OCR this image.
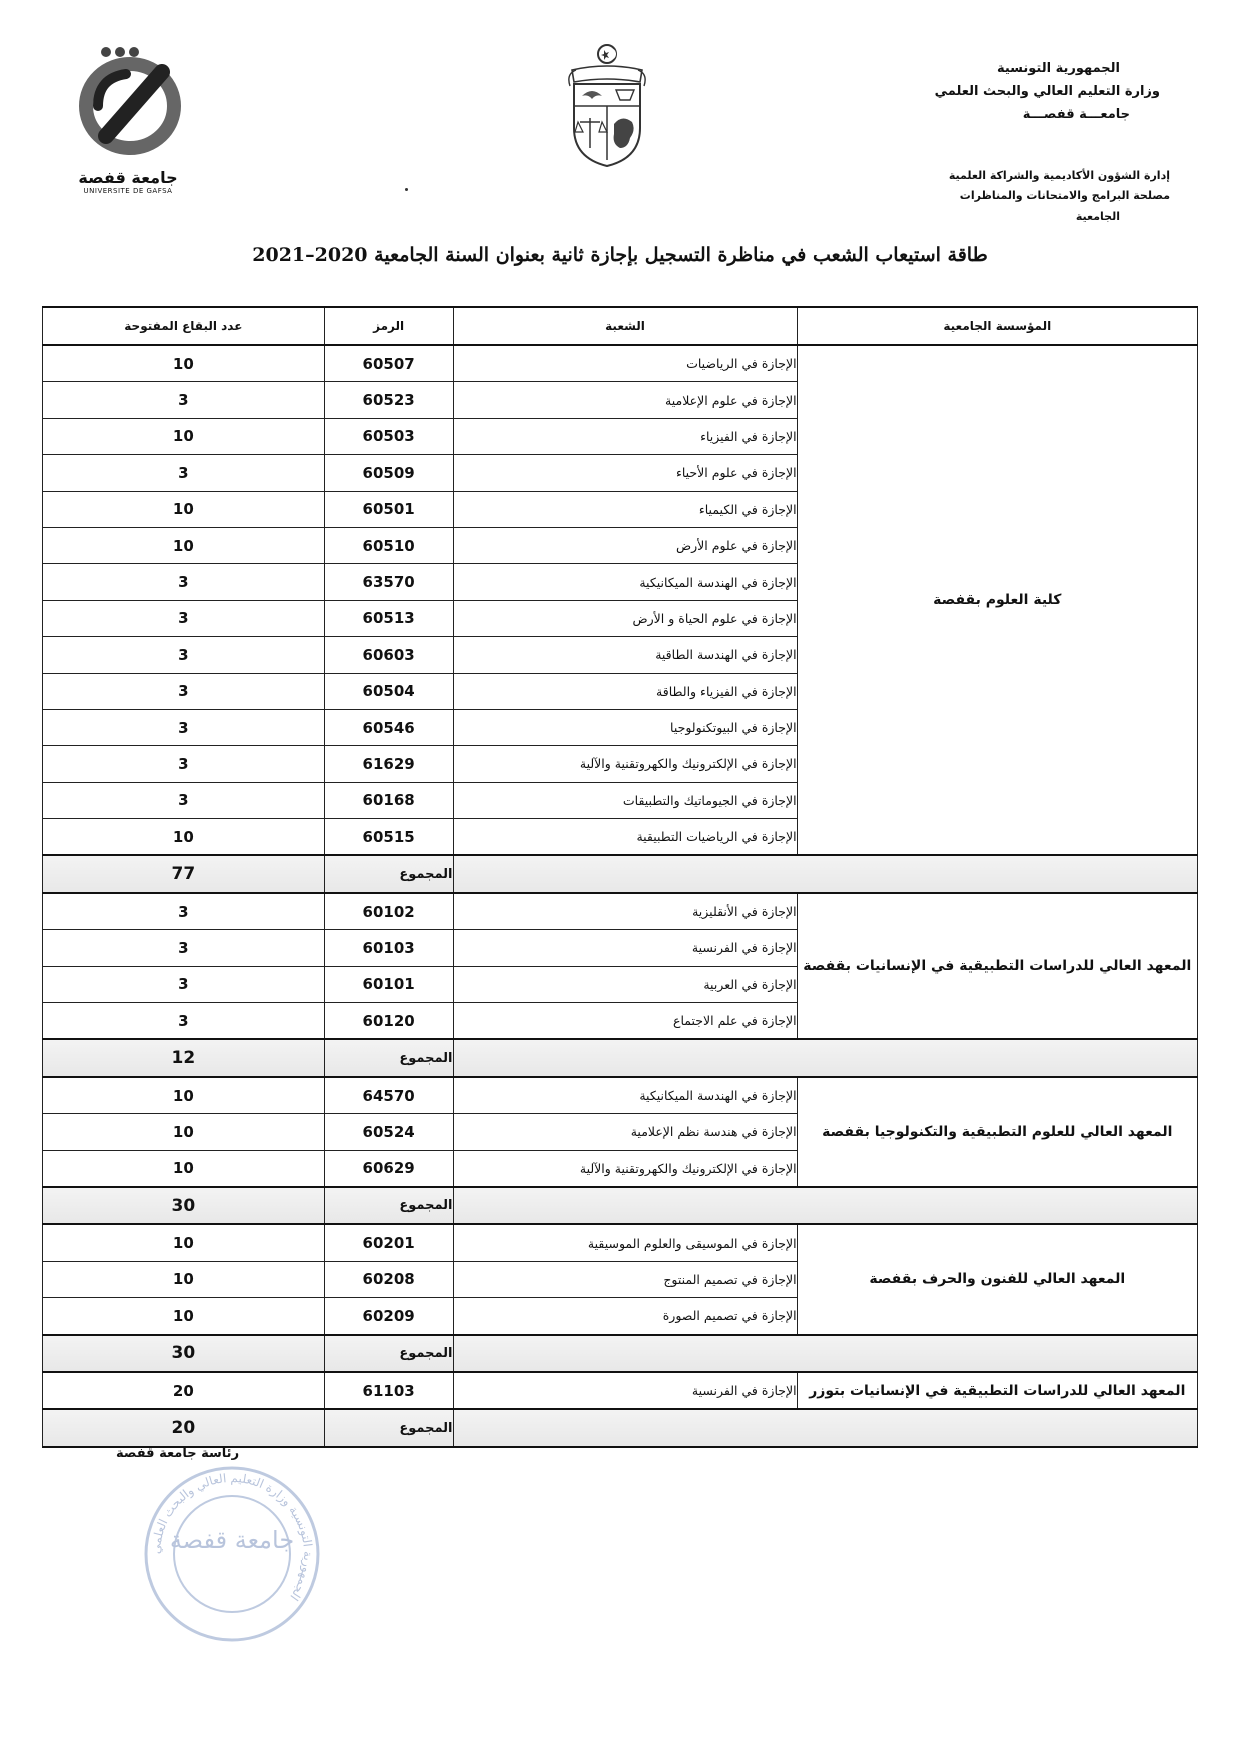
الجمهورية التونسية
وزارة التعليم العالي والبحث العلمي
جامعـــة قفصـــة
إدارة الشؤون الأكاديمية والشراكة العلمية
مصلحة البرامج والامتحانات والمناظرات
الجامعية
جامعة قفصة
UNIVERSITE DE GAFSA
طاقة استيعاب الشعب في مناظرة التسجيل بإجازة ثانية بعنوان السنة الجامعية 2020–2021
المؤسسة الجامعية	الشعبة	الرمز	عدد البقاع المفتوحة
كلية العلوم بقفصة	الإجازة في الرياضيات	60507	10
	الإجازة في علوم الإعلامية	60523	3
	الإجازة في الفيزياء	60503	10
	الإجازة في علوم الأحياء	60509	3
	الإجازة في الكيمياء	60501	10
	الإجازة في علوم الأرض	60510	10
	الإجازة في الهندسة الميكانيكية	63570	3
	الإجازة في علوم الحياة و الأرض	60513	3
	الإجازة في الهندسة الطاقية	60603	3
	الإجازة في الفيزياء والطاقة	60504	3
	الإجازة في البيوتكنولوجيا	60546	3
	الإجازة في الإلكترونيك والكهروتقنية والآلية	61629	3
	الإجازة في الجيوماتيك والتطبيقات	60168	3
	الإجازة في الرياضيات التطبيقية	60515	10
		المجموع	77
المعهد العالي للدراسات التطبيقية في الإنسانيات بقفصة	الإجازة في الأنقليزية	60102	3
	الإجازة في الفرنسية	60103	3
	الإجازة في العربية	60101	3
	الإجازة في علم الاجتماع	60120	3
		المجموع	12
المعهد العالي للعلوم التطبيقية والتكنولوجيا بقفصة	الإجازة في الهندسة الميكانيكية	64570	10
	الإجازة في هندسة نظم الإعلامية	60524	10
	الإجازة في الإلكترونيك والكهروتقنية والآلية	60629	10
		المجموع	30
المعهد العالي للفنون والحرف بقفصة	الإجازة في الموسيقى والعلوم الموسيقية	60201	10
	الإجازة في تصميم المنتوج	60208	10
	الإجازة في تصميم الصورة	60209	10
		المجموع	30
المعهد العالي للدراسات التطبيقية في الإنسانيات بتوزر	الإجازة في الفرنسية	61103	20
		المجموع	20
رئاسة جامعة قفصة
الجمهورية التونسية وزارة التعليم العالي والبحث العلمي
جامعة قفصة
